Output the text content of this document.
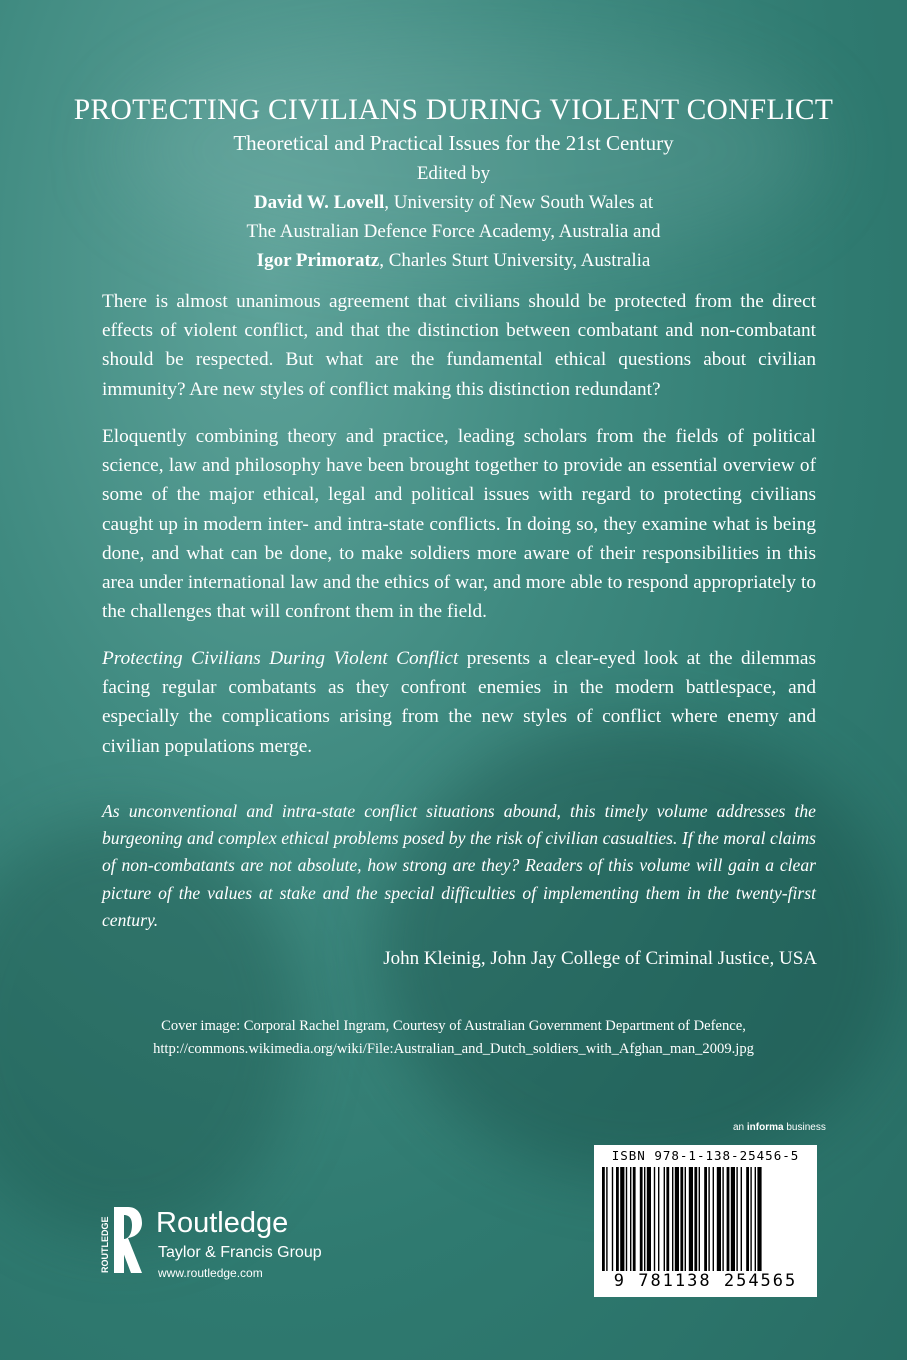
PROTECTING CIVILIANS DURING VIOLENT CONFLICT
Theoretical and Practical Issues for the 21st Century
Edited by
David W. Lovell, University of New South Wales at
The Australian Defence Force Academy, Australia and
Igor Primoratz, Charles Sturt University, Australia

There is almost unanimous agreement that civilians should be protected from the direct effects of violent conflict, and that the distinction between combatant and non-combatant should be respected. But what are the fundamental ethical questions about civilian immunity? Are new styles of conflict making this distinction redundant?

Eloquently combining theory and practice, leading scholars from the fields of political science, law and philosophy have been brought together to provide an essential overview of some of the major ethical, legal and political issues with regard to protecting civilians caught up in modern inter- and intra-state conflicts. In doing so, they examine what is being done, and what can be done, to make soldiers more aware of their responsibilities in this area under international law and the ethics of war, and more able to respond appropriately to the challenges that will confront them in the field.

Protecting Civilians During Violent Conflict presents a clear-eyed look at the dilemmas facing regular combatants as they confront enemies in the modern battlespace, and especially the complications arising from the new styles of conflict where enemy and civilian populations merge.

As unconventional and intra-state conflict situations abound, this timely volume addresses the burgeoning and complex ethical problems posed by the risk of civilian casualties. If the moral claims of non-combatants are not absolute, how strong are they? Readers of this volume will gain a clear picture of the values at stake and the special difficulties of implementing them in the twenty-first century.

John Kleinig, John Jay College of Criminal Justice, USA
Cover image: Corporal Rachel Ingram, Courtesy of Australian Government Department of Defence,
http://commons.wikimedia.org/wiki/File:Australian_and_Dutch_soldiers_with_Afghan_man_2009.jpg
an informa business
ISBN 978-1-138-25456-5
9 781138 254565
ROUTLEDGE Routledge
Taylor & Francis Group
www.routledge.com
